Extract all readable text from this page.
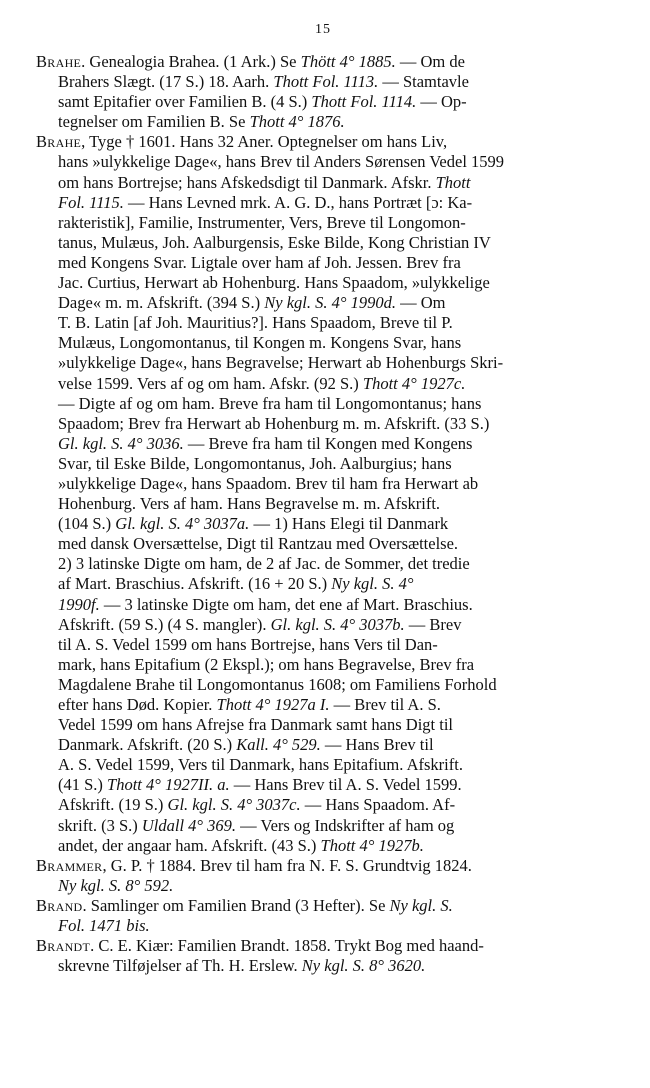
15
Brahe. Genealogia Brahea. (1 Ark.) Se Thött 4° 1885. — Om de
Brahers Slægt. (17 S.) 18. Aarh. Thott Fol. 1113. — Stamtavle
samt Epitafier over Familien B. (4 S.) Thott Fol. 1114. — Op-
tegnelser om Familien B. Se Thott 4° 1876.
Brahe, Tyge † 1601. Hans 32 Aner. Optegnelser om hans Liv,
hans »ulykkelige Dage«, hans Brev til Anders Sørensen Vedel 1599
om hans Bortrejse; hans Afskedsdigt til Danmark. Afskr. Thott
Fol. 1115. — Hans Levned mrk. A. G. D., hans Portræt [ɔ: Ka-
rakteristik], Familie, Instrumenter, Vers, Breve til Longomon-
tanus, Mulæus, Joh. Aalburgensis, Eske Bilde, Kong Christian IV
med Kongens Svar. Ligtale over ham af Joh. Jessen. Brev fra
Jac. Curtius, Herwart ab Hohenburg. Hans Spaadom, »ulykkelige
Dage« m. m. Afskrift. (394 S.) Ny kgl. S. 4° 1990d. — Om
T. B. Latin [af Joh. Mauritius?]. Hans Spaadom, Breve til P.
Mulæus, Longomontanus, til Kongen m. Kongens Svar, hans
»ulykkelige Dage«, hans Begravelse; Herwart ab Hohenburgs Skri-
velse 1599. Vers af og om ham. Afskr. (92 S.) Thott 4° 1927c.
— Digte af og om ham. Breve fra ham til Longomontanus; hans
Spaadom; Brev fra Herwart ab Hohenburg m. m. Afskrift. (33 S.)
Gl. kgl. S. 4° 3036. — Breve fra ham til Kongen med Kongens
Svar, til Eske Bilde, Longomontanus, Joh. Aalburgius; hans
»ulykkelige Dage«, hans Spaadom. Brev til ham fra Herwart ab
Hohenburg. Vers af ham. Hans Begravelse m. m. Afskrift.
(104 S.) Gl. kgl. S. 4° 3037a. — 1) Hans Elegi til Danmark
med dansk Oversættelse, Digt til Rantzau med Oversættelse.
2) 3 latinske Digte om ham, de 2 af Jac. de Sommer, det tredie
af Mart. Braschius. Afskrift. (16 + 20 S.) Ny kgl. S. 4°
1990f. — 3 latinske Digte om ham, det ene af Mart. Braschius.
Afskrift. (59 S.) (4 S. mangler). Gl. kgl. S. 4° 3037b. — Brev
til A. S. Vedel 1599 om hans Bortrejse, hans Vers til Dan-
mark, hans Epitafium (2 Ekspl.); om hans Begravelse, Brev fra
Magdalene Brahe til Longomontanus 1608; om Familiens Forhold
efter hans Død. Kopier. Thott 4° 1927a I. — Brev til A. S.
Vedel 1599 om hans Afrejse fra Danmark samt hans Digt til
Danmark. Afskrift. (20 S.) Kall. 4° 529. — Hans Brev til
A. S. Vedel 1599, Vers til Danmark, hans Epitafium. Afskrift.
(41 S.) Thott 4° 1927II. a. — Hans Brev til A. S. Vedel 1599.
Afskrift. (19 S.) Gl. kgl. S. 4° 3037c. — Hans Spaadom. Af-
skrift. (3 S.) Uldall 4° 369. — Vers og Indskrifter af ham og
andet, der angaar ham. Afskrift. (43 S.) Thott 4° 1927b.
Brammer, G. P. † 1884. Brev til ham fra N. F. S. Grundtvig 1824.
Ny kgl. S. 8° 592.
Brand. Samlinger om Familien Brand (3 Hefter). Se Ny kgl. S.
Fol. 1471 bis.
Brandt. C. E. Kiær: Familien Brandt. 1858. Trykt Bog med haand-
skrevne Tilføjelser af Th. H. Erslew. Ny kgl. S. 8° 3620.
